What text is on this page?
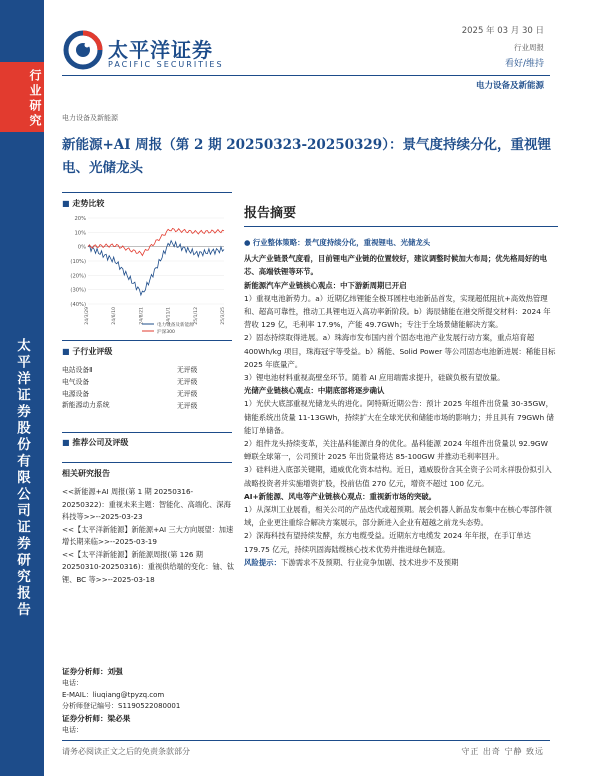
行业研究
太平洋证券股份有限公司证券研究报告
太平洋证券
PACIFIC SECURITIES
2025 年 03 月 30 日
行业周报
看好/维持
电力设备及新能源
电力设备及新能源
新能源+AI 周报（第 2 期 20250323-20250329）：景气度持续分化，重视锂电、光储龙头
■ 走势比较
20%
10%
0%
(10%)
(20%)
(30%)
(40%)
24/3/29	24/6/10	24/8/21	24/11/1	25/1/12	25/3/25
电力设备及新能源
沪深300
■ 子行业评级
电站设备Ⅱ	无评级
电气设备	无评级
电源设备	无评级
新能源动力系统	无评级
■ 推荐公司及评级
相关研究报告
<<新能源+AI 周报(第 1 期 20250316-20250322)：重视未来主题：智能化、高端化、深海科技等>>--2025-03-23
<<【太平洋新能源】新能源+AI 三大方向展望：加速增长期来临>>--2025-03-19
<<【太平洋新能源】新能源周报(第 126 期 20250310-20250316)：重视供给端的变化：铀、钛锂、BC 等>>--2025-03-18
证券分析师：刘强
电话：
E-MAIL：liuqiang@tpyzq.com
分析师登记编号：S1190522080001
证券分析师：梁必果
电话：
报告摘要

● 行业整体策略：景气度持续分化，重视锂电、光储龙头

从大产业链景气度看，目前锂电产业链的位置较好，建议调整时候加大布局；优先格局好的电芯、高端铁锂等环节。

新能源汽车产业链核心观点：中下游新周期已开启

1）重视电池新势力。a）近期亿纬锂能全极耳圆柱电池新品首发，实现超低阻抗+高效热管理和、超高可靠性，推动工具锂电迈入高功率新阶段。b）海辰储能在港交所提交材料：2024 年营收 129 亿，毛利率 17.9%，产能 49.7GWh；专注于全场景储能解决方案。

2）固态持续取得进展。a）珠海市发布国内首个固态电池产业发展行动方案，重点培育超 400Wh/kg 项目，珠海冠宇等受益。b）稀能、Solid Power 等公司固态电池新进展：稀能目标 2025 年底量产。

3）锂电池材料重视高壁垒环节。随着 AI 应用端需求提升，硅碳负极有望放量。

光储产业链核心观点：中期底部将逐步确认

1）光伏大底部重视光储龙头的进化。阿特斯近期公告：预计 2025 年组件出货量 30-35GW，储能系统出货量 11-13GWh，持续扩大在全球光伏和储能市场的影响力；并且具有 79GWh 储能订单储备。

2）组件龙头持续变革，关注晶科能源自身的优化。晶科能源 2024 年组件出货量以 92.9GW 蝉联全球第一，公司预计 2025 年出货量将达 85-100GW 并推动毛利率回升。

3）硅料进入底部关键期，通威优化资本结构。近日，通威股份含其全资子公司永祥股份拟引入战略投资者并实施增资扩股，投前估值 270 亿元，增资不超过 100 亿元。

AI+新能源、风电等产业链核心观点：重视新市场的突破。

1）从深圳工业展看，相关公司的产品迭代或超预期。展会机器人新品发布集中在核心零部件领域，企业更注重综合解决方案展示，部分新进入企业有超越之前龙头态势。

2）深海科技有望持续发酵，东方电缆受益。近期东方电缆发 2024 年年报，在手订单达 179.75 亿元，持续巩固海陆缆核心技术优势并推进绿色制造。

风险提示：下游需求不及预期、行业竞争加剧、技术进步不及预期

请务必阅读正文之后的免责条款部分	守正 出奇 宁静 致远
